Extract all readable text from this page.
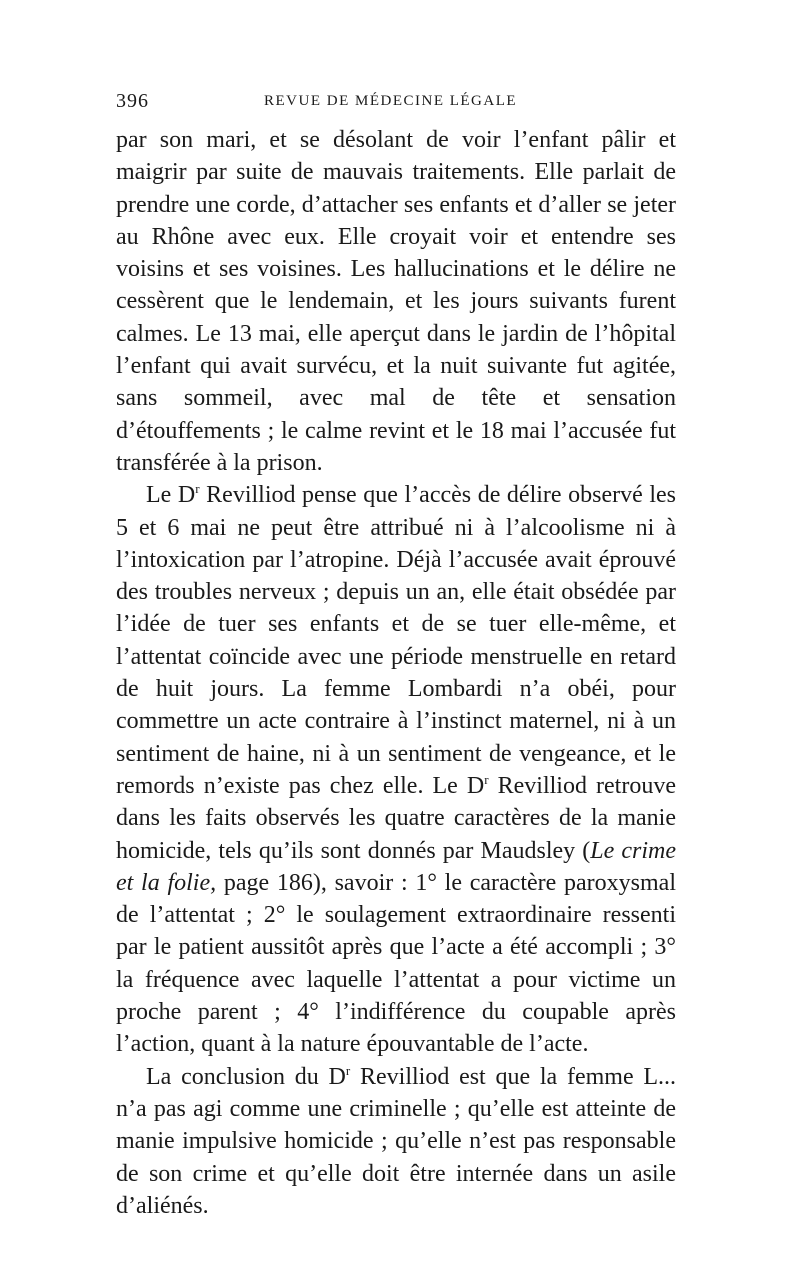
396	REVUE DE MÉDECINE LÉGALE

par son mari, et se désolant de voir l’enfant pâlir et maigrir par suite de mauvais traitements. Elle parlait de prendre une corde, d’attacher ses enfants et d’aller se jeter au Rhône avec eux. Elle croyait voir et entendre ses voisins et ses voisines. Les hallucinations et le délire ne cessèrent que le lendemain, et les jours suivants furent calmes. Le 13 mai, elle aperçut dans le jardin de l’hôpital l’enfant qui avait survécu, et la nuit suivante fut agitée, sans sommeil, avec mal de tête et sensation d’étouffements ; le calme revint et le 18 mai l’accusée fut transférée à la prison.

Le $D^r$ Revilliod pense que l’accès de délire observé les 5 et 6 mai ne peut être attribué ni à l’alcoolisme ni à l’intoxication par l’atropine. Déjà l’accusée avait éprouvé des troubles nerveux ; depuis un an, elle était obsédée par l’idée de tuer ses enfants et de se tuer elle-même, et l’attentat coïncide avec une période menstruelle en retard de huit jours. La femme Lombardi n’a obéi, pour commettre un acte contraire à l’instinct maternel, ni à un sentiment de haine, ni à un sentiment de vengeance, et le remords n’existe pas chez elle. Le $D^r$ Revilliod retrouve dans les faits observés les quatre caractères de la manie homicide, tels qu’ils sont donnés par Maudsley (Le crime et la folie, page 186), savoir : 1° le caractère paroxysmal de l’attentat ; 2° le soulagement extraordinaire ressenti par le patient aussitôt après que l’acte a été accompli ; 3° la fréquence avec laquelle l’attentat a pour victime un proche parent ; 4° l’indifférence du coupable après l’action, quant à la nature épouvantable de l’acte.

La conclusion du $D^r$ Revilliod est que la femme L... n’a pas agi comme une criminelle ; qu’elle est atteinte de manie impulsive homicide ; qu’elle n’est pas responsable de son crime et qu’elle doit être internée dans un asile d’aliénés.
